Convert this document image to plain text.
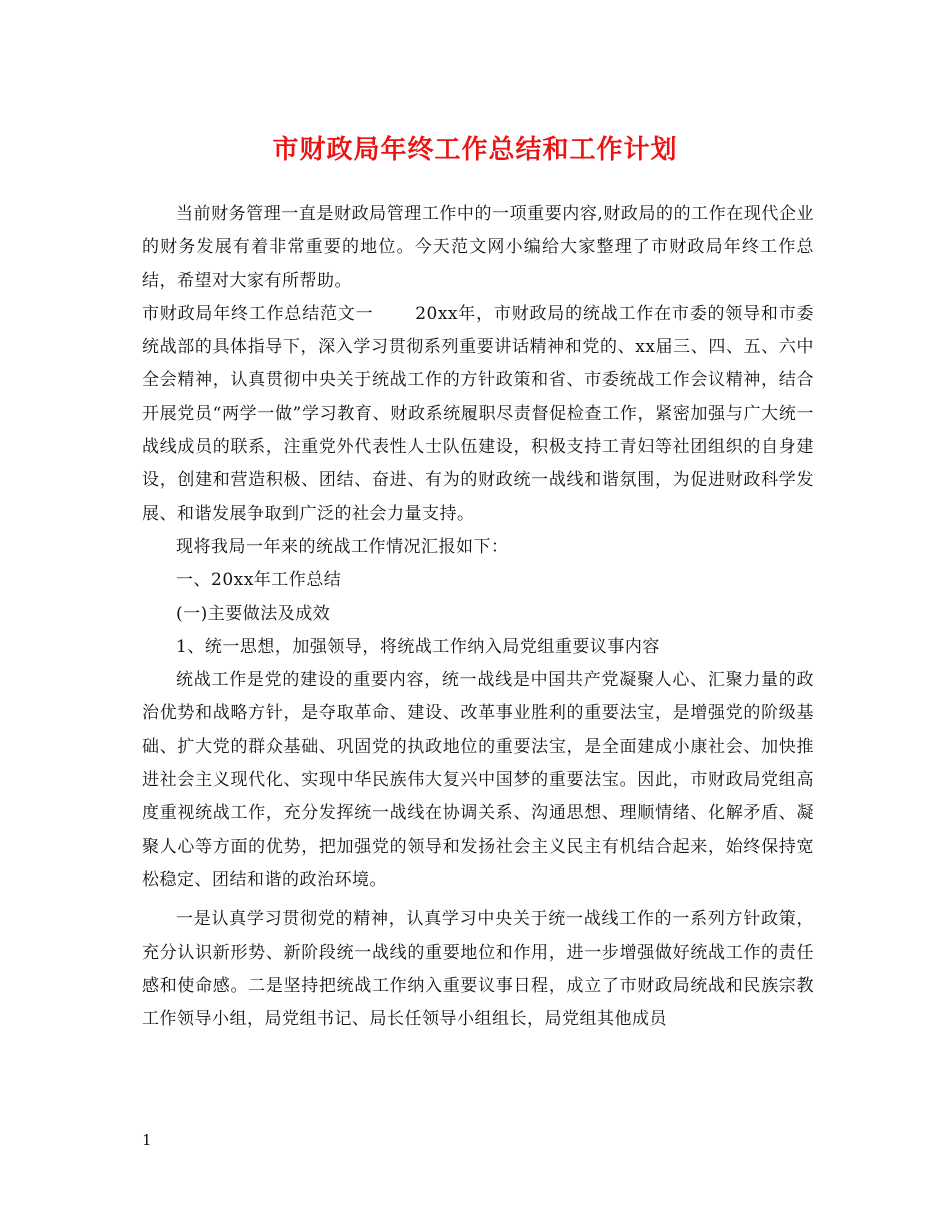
市财政局年终工作总结和工作计划

当前财务管理一直是财政局管理工作中的一项重要内容,财政局的的工作在现代企业的财务发展有着非常重要的地位。今天范文网小编给大家整理了市财政局年终工作总结，希望对大家有所帮助。

市财政局年终工作总结范文一　　 20xx年，市财政局的统战工作在市委的领导和市委统战部的具体指导下，深入学习贯彻系列重要讲话精神和党的、xx届三、四、五、六中全会精神，认真贯彻中央关于统战工作的方针政策和省、市委统战工作会议精神，结合开展党员“两学一做”学习教育、财政系统履职尽责督促检查工作，紧密加强与广大统一战线成员的联系，注重党外代表性人士队伍建设，积极支持工青妇等社团组织的自身建设，创建和营造积极、团结、奋进、有为的财政统一战线和谐氛围，为促进财政科学发展、和谐发展争取到广泛的社会力量支持。

现将我局一年来的统战工作情况汇报如下：

一、20xx年工作总结

(一)主要做法及成效

1、统一思想，加强领导，将统战工作纳入局党组重要议事内容

统战工作是党的建设的重要内容，统一战线是中国共产党凝聚人心、汇聚力量的政治优势和战略方针，是夺取革命、建设、改革事业胜利的重要法宝，是增强党的阶级基础、扩大党的群众基础、巩固党的执政地位的重要法宝，是全面建成小康社会、加快推进社会主义现代化、实现中华民族伟大复兴中国梦的重要法宝。因此，市财政局党组高度重视统战工作，充分发挥统一战线在协调关系、沟通思想、理顺情绪、化解矛盾、凝聚人心等方面的优势，把加强党的领导和发扬社会主义民主有机结合起来，始终保持宽松稳定、团结和谐的政治环境。

一是认真学习贯彻党的精神，认真学习中央关于统一战线工作的一系列方针政策，充分认识新形势、新阶段统一战线的重要地位和作用，进一步增强做好统战工作的责任感和使命感。二是坚持把统战工作纳入重要议事日程，成立了市财政局统战和民族宗教工作领导小组，局党组书记、局长任领导小组组长，局党组其他成员

1
